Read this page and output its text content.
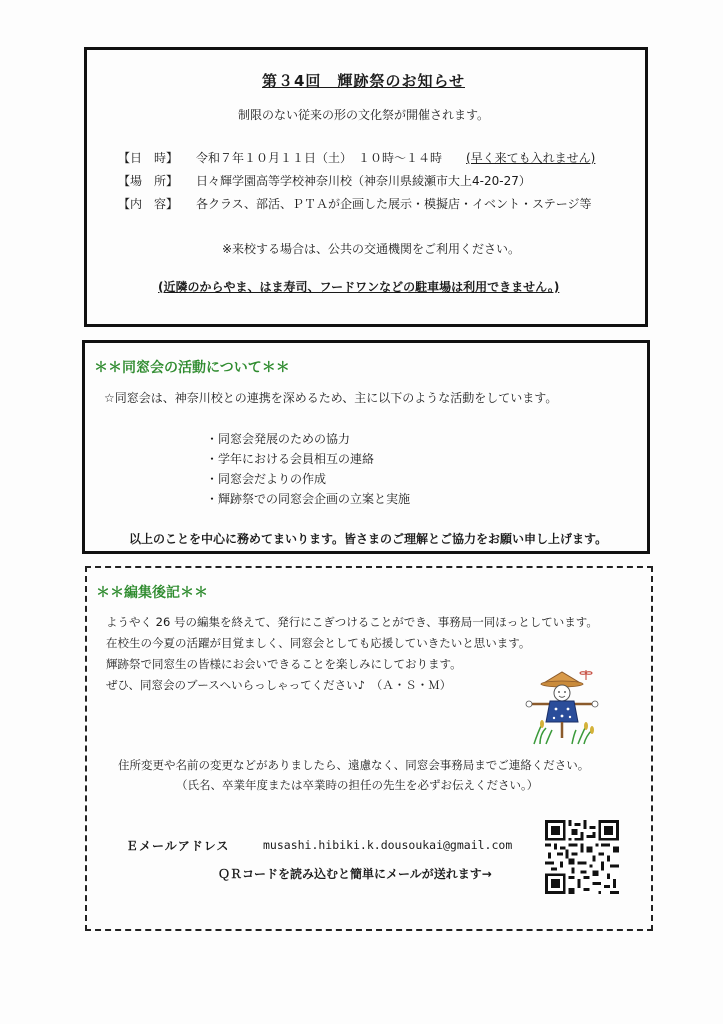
第３4回　輝跡祭のお知らせ
制限のない従来の形の文化祭が開催されます。
【日　時】 令和７年１０月１１日（土）　１０時～１４時 (早く来ても入れません)
【場　所】 日々輝学園高等学校神奈川校（神奈川県綾瀬市大上4-20-27）
【内　容】 各クラス、部活、ＰＴＡが企画した展示・模擬店・イベント・ステージ等
※来校する場合は、公共の交通機関をご利用ください。
(近隣のからやま、はま寿司、フードワンなどの駐車場は利用できません。)
＊＊同窓会の活動について＊＊
☆同窓会は、神奈川校との連携を深めるため、主に以下のような活動をしています。
・同窓会発展のための協力
・学年における会員相互の連絡
・同窓会だよりの作成
・輝跡祭での同窓会企画の立案と実施
以上のことを中心に務めてまいります。皆さまのご理解とご協力をお願い申し上げます。
＊＊編集後記＊＊
ようやく 26 号の編集を終えて、発行にこぎつけることができ、事務局一同ほっとしています。
在校生の今夏の活躍が目覚ましく、同窓会としても応援していきたいと思います。
輝跡祭で同窓生の皆様にお会いできることを楽しみにしております。
ぜひ、同窓会のブースへいらっしゃってください♪　（Ａ・Ｓ・Ｍ）
住所変更や名前の変更などがありましたら、遠慮なく、同窓会事務局までご連絡ください。
（氏名、卒業年度または卒業時の担任の先生を必ずお伝えください。）
Ｅメールアドレス	musashi.hibiki.k.dousoukai@gmail.com
ＱＲコードを読み込むと簡単にメールが送れます→
